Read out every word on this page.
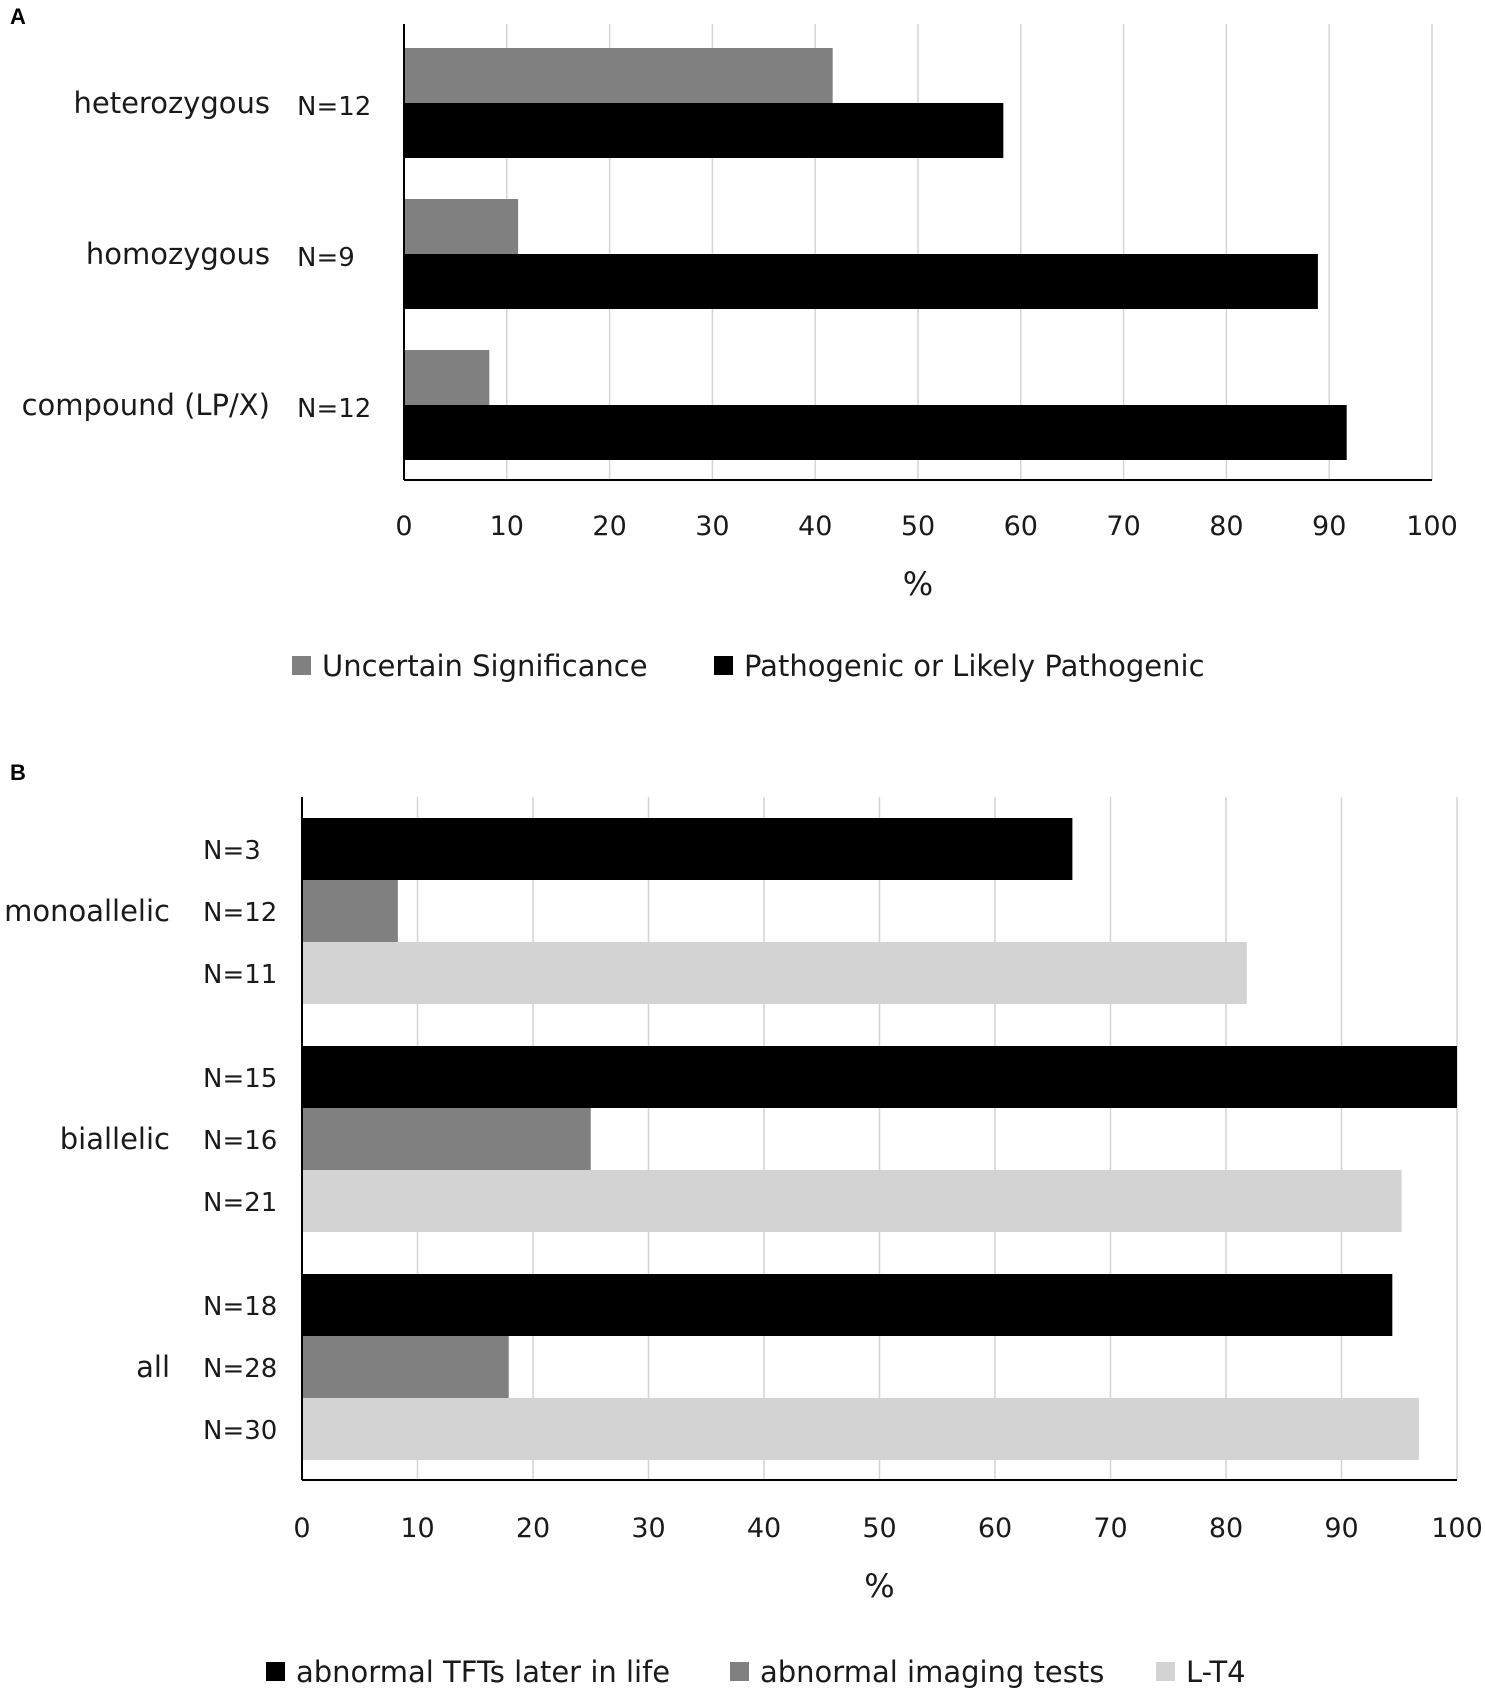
A
0	10	20	30	40	50	60	70	80	90 100
heterozygous
homozygous
compound (LP/X)
N=12
N=9
N=12
%
Uncertain Significance	Pathogenic or Likely Pathogenic
B
0	10	20	30	40	50	60	70	80	90	100
monoallelic
biallelic
all
N=3
N=12
N=11
N=15
N=16
N=21
N=18
N=28
N=30
%
abnormal TFTs later in life	abnormal imaging tests	L-T4
